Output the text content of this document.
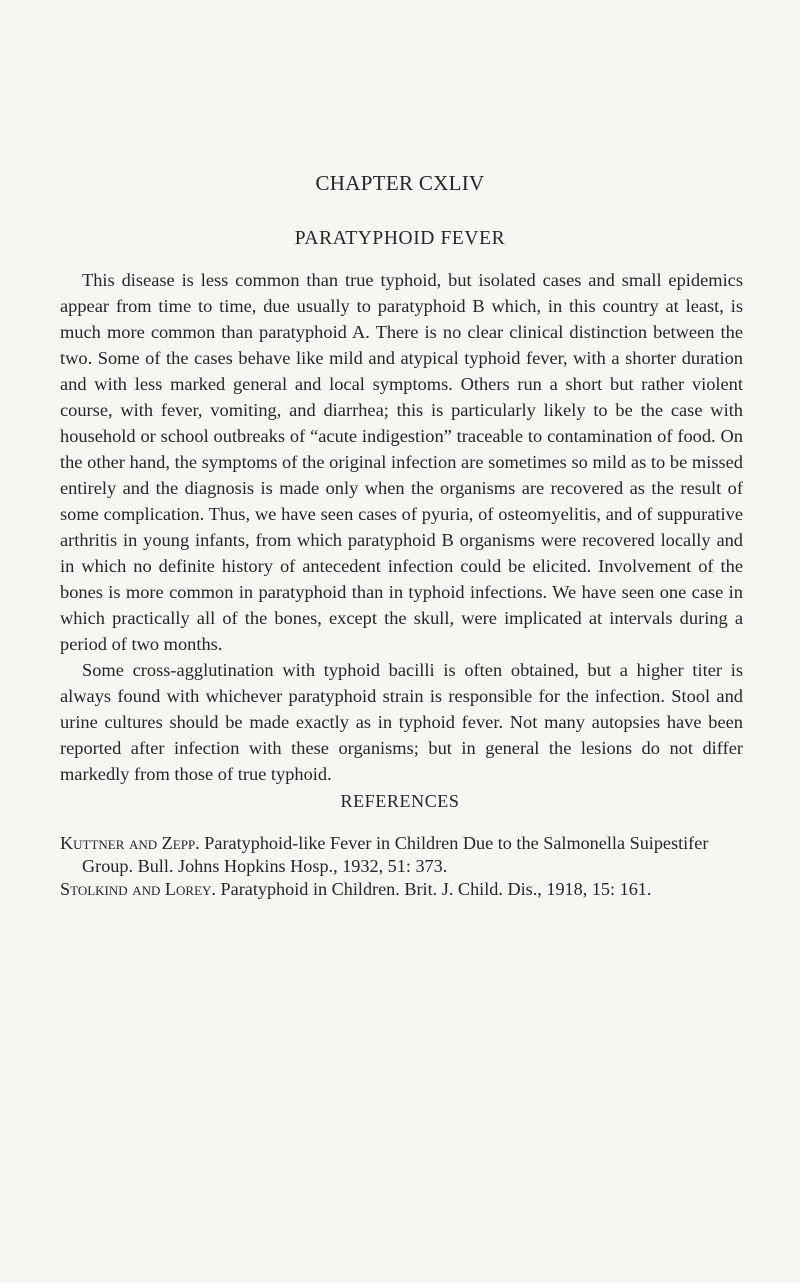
CHAPTER CXLIV
PARATYPHOID FEVER

This disease is less common than true typhoid, but isolated cases and small epidemics appear from time to time, due usually to paratyphoid B which, in this country at least, is much more common than paratyphoid A. There is no clear clinical distinction between the two. Some of the cases behave like mild and atypical typhoid fever, with a shorter duration and with less marked general and local symptoms. Others run a short but rather violent course, with fever, vomiting, and diarrhea; this is particularly likely to be the case with household or school outbreaks of “acute indigestion” traceable to contamination of food. On the other hand, the symptoms of the original infection are sometimes so mild as to be missed entirely and the diagnosis is made only when the organisms are recovered as the result of some complication. Thus, we have seen cases of pyuria, of osteomyelitis, and of suppurative arthritis in young infants, from which paratyphoid B organisms were recovered locally and in which no definite history of antecedent infection could be elicited. Involvement of the bones is more common in paratyphoid than in typhoid infections. We have seen one case in which practically all of the bones, except the skull, were implicated at intervals during a period of two months.

Some cross-agglutination with typhoid bacilli is often obtained, but a higher titer is always found with whichever paratyphoid strain is responsible for the infection. Stool and urine cultures should be made exactly as in typhoid fever. Not many autopsies have been reported after infection with these organisms; but in general the lesions do not differ markedly from those of true typhoid.

REFERENCES

Kuttner and Zepp. Paratyphoid-like Fever in Children Due to the Salmonella Suipestifer Group. Bull. Johns Hopkins Hosp., 1932, 51: 373.

Stolkind and Lorey. Paratyphoid in Children. Brit. J. Child. Dis., 1918, 15: 161.
